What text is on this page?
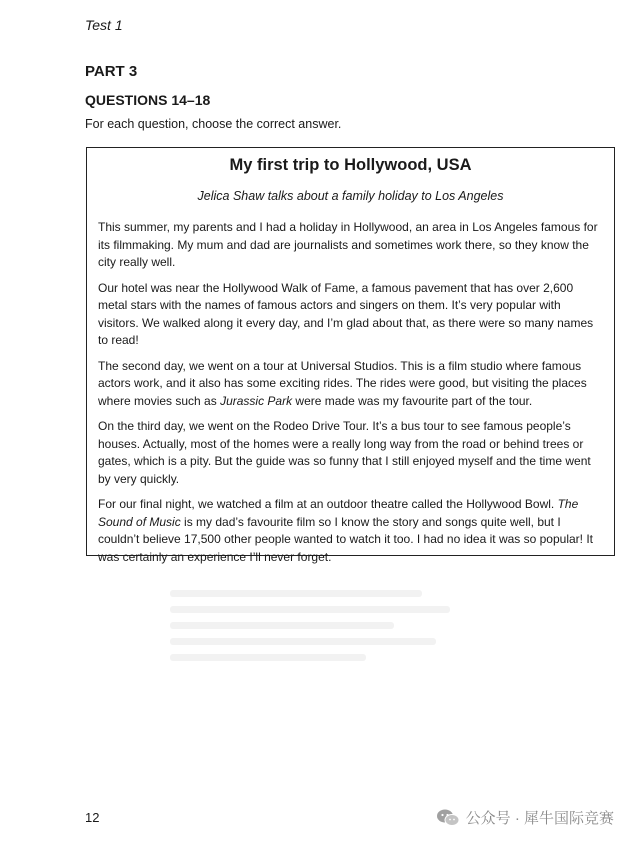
Test 1
PART 3
QUESTIONS 14–18
For each question, choose the correct answer.
My first trip to Hollywood, USA
Jelica Shaw talks about a family holiday to Los Angeles

This summer, my parents and I had a holiday in Hollywood, an area in Los Angeles famous for its filmmaking. My mum and dad are journalists and sometimes work there, so they know the city really well.

Our hotel was near the Hollywood Walk of Fame, a famous pavement that has over 2,600 metal stars with the names of famous actors and singers on them. It’s very popular with visitors. We walked along it every day, and I’m glad about that, as there were so many names to read!

The second day, we went on a tour at Universal Studios. This is a film studio where famous actors work, and it also has some exciting rides. The rides were good, but visiting the places where movies such as Jurassic Park were made was my favourite part of the tour.

On the third day, we went on the Rodeo Drive Tour. It’s a bus tour to see famous people’s houses. Actually, most of the homes were a really long way from the road or behind trees or gates, which is a pity. But the guide was so funny that I still enjoyed myself and the time went by very quickly.

For our final night, we watched a film at an outdoor theatre called the Hollywood Bowl. The Sound of Music is my dad’s favourite film so I know the story and songs quite well, but I couldn’t believe 17,500 other people wanted to watch it too. I had no idea it was so popular! It was certainly an experience I’ll never forget.

12	公众号 · 犀牛国际竞赛
